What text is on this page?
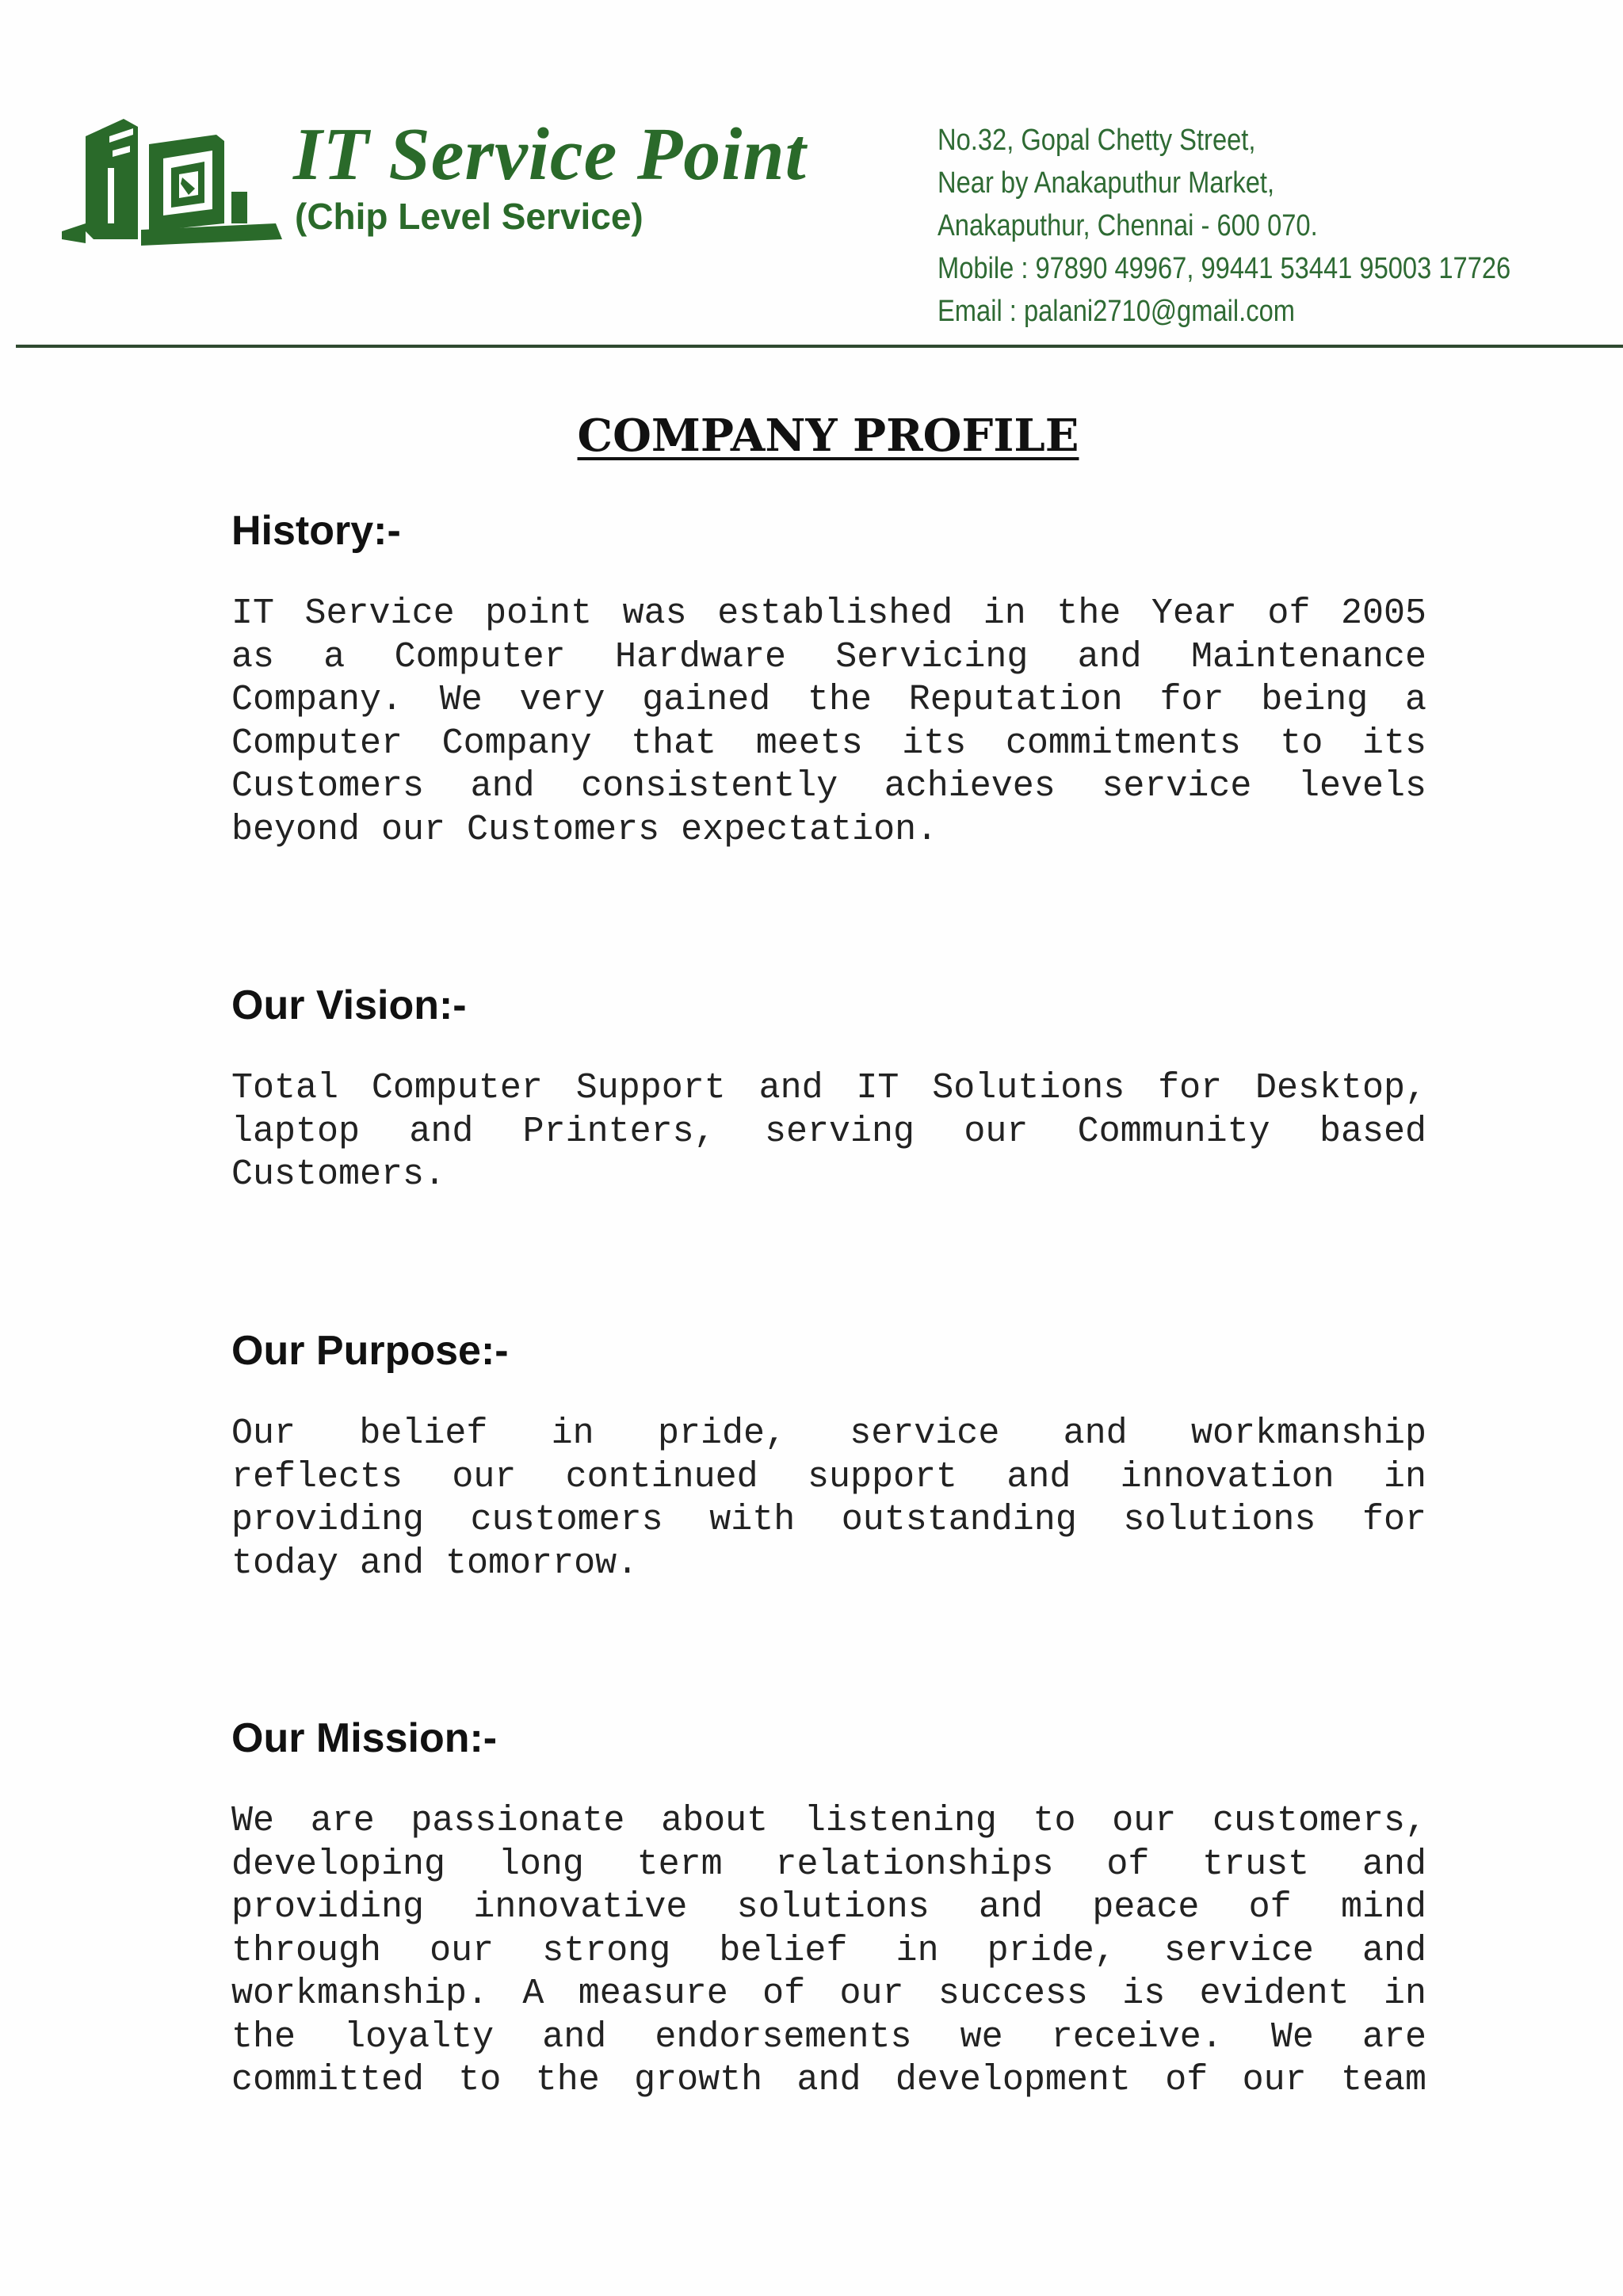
IT Service Point
(Chip Level Service)
No.32, Gopal Chetty Street,
Near by Anakaputhur Market,
Anakaputhur, Chennai - 600 070.
Mobile : 97890 49967, 99441 53441 95003 17726
Email : palani2710@gmail.com
COMPANY PROFILE
History:-
IT Service point was established in the Year of 2005
as a Computer Hardware Servicing and Maintenance
Company. We very gained the Reputation for being a
Computer Company that meets its commitments to its
Customers and consistently achieves service levels
beyond our Customers expectation.
Our Vision:-
Total Computer Support and IT Solutions for Desktop,
laptop and Printers, serving our Community based
Customers.
Our Purpose:-
Our belief in pride, service and workmanship
reflects our continued support and innovation in
providing customers with outstanding solutions for
today and tomorrow.
Our Mission:-
We are passionate about listening to our customers,
developing long term relationships of trust and
providing innovative solutions and peace of mind
through our strong belief in pride, service and
workmanship. A measure of our success is evident in
the loyalty and endorsements we receive. We are
committed to the growth and development of our team
